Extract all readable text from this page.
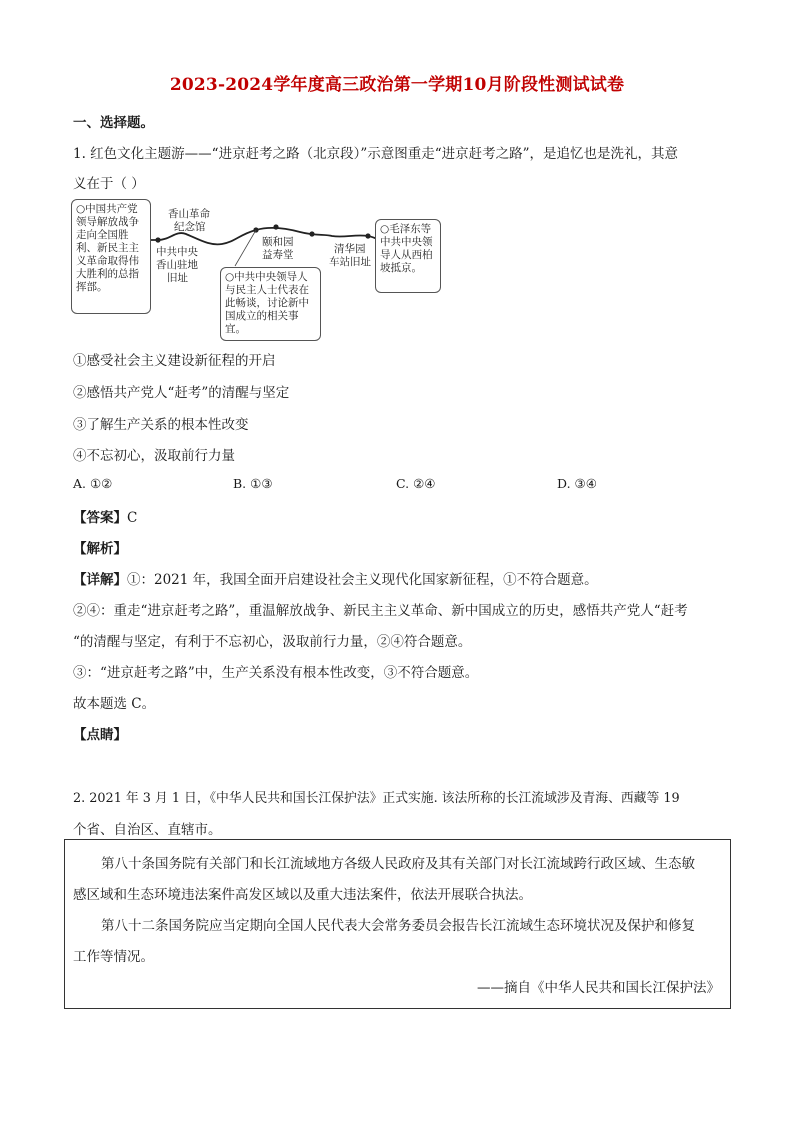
2023-2024学年度高三政治第一学期10月阶段性测试试卷
一、选择题。
1. 红色文化主题游——“进京赶考之路（北京段）”示意图重走“进京赶考之路”，是追忆也是洗礼，其意
义在于（ ）
○中国共产党领导解放战争走向全国胜利、新民主主义革命取得伟大胜利的总指挥部。
香山革命
纪念馆
中共中央
香山驻地
旧址
颐和园
益寿堂	清华园
车站旧址
○中共中央领导人与民主人士代表在此畅谈，讨论新中国成立的相关事宜。
○毛泽东等中共中央领导人从西柏坡抵京。
①感受社会主义建设新征程的开启
②感悟共产党人“赶考”的清醒与坚定
③了解生产关系的根本性改变
④不忘初心，汲取前行力量
A. ①②	B. ①③	C. ②④	D. ③④
【答案】C
【解析】
【详解】①：2021 年，我国全面开启建设社会主义现代化国家新征程，①不符合题意。
②④：重走“进京赶考之路”，重温解放战争、新民主主义革命、新中国成立的历史，感悟共产党人“赶考
“的清醒与坚定，有利于不忘初心，汲取前行力量，②④符合题意。
③：“进京赶考之路”中，生产关系没有根本性改变，③不符合题意。
故本题选 C。
【点睛】
2. 2021 年 3 月 1 日，《中华人民共和国长江保护法》正式实施. 该法所称的长江流域涉及青海、西藏等 19
个省、自治区、直辖市。
第八十条国务院有关部门和长江流域地方各级人民政府及其有关部门对长江流域跨行政区域、生态敏
感区域和生态环境违法案件高发区域以及重大违法案件，依法开展联合执法。
第八十二条国务院应当定期向全国人民代表大会常务委员会报告长江流域生态环境状况及保护和修复
工作等情况。
——摘自《中华人民共和国长江保护法》
